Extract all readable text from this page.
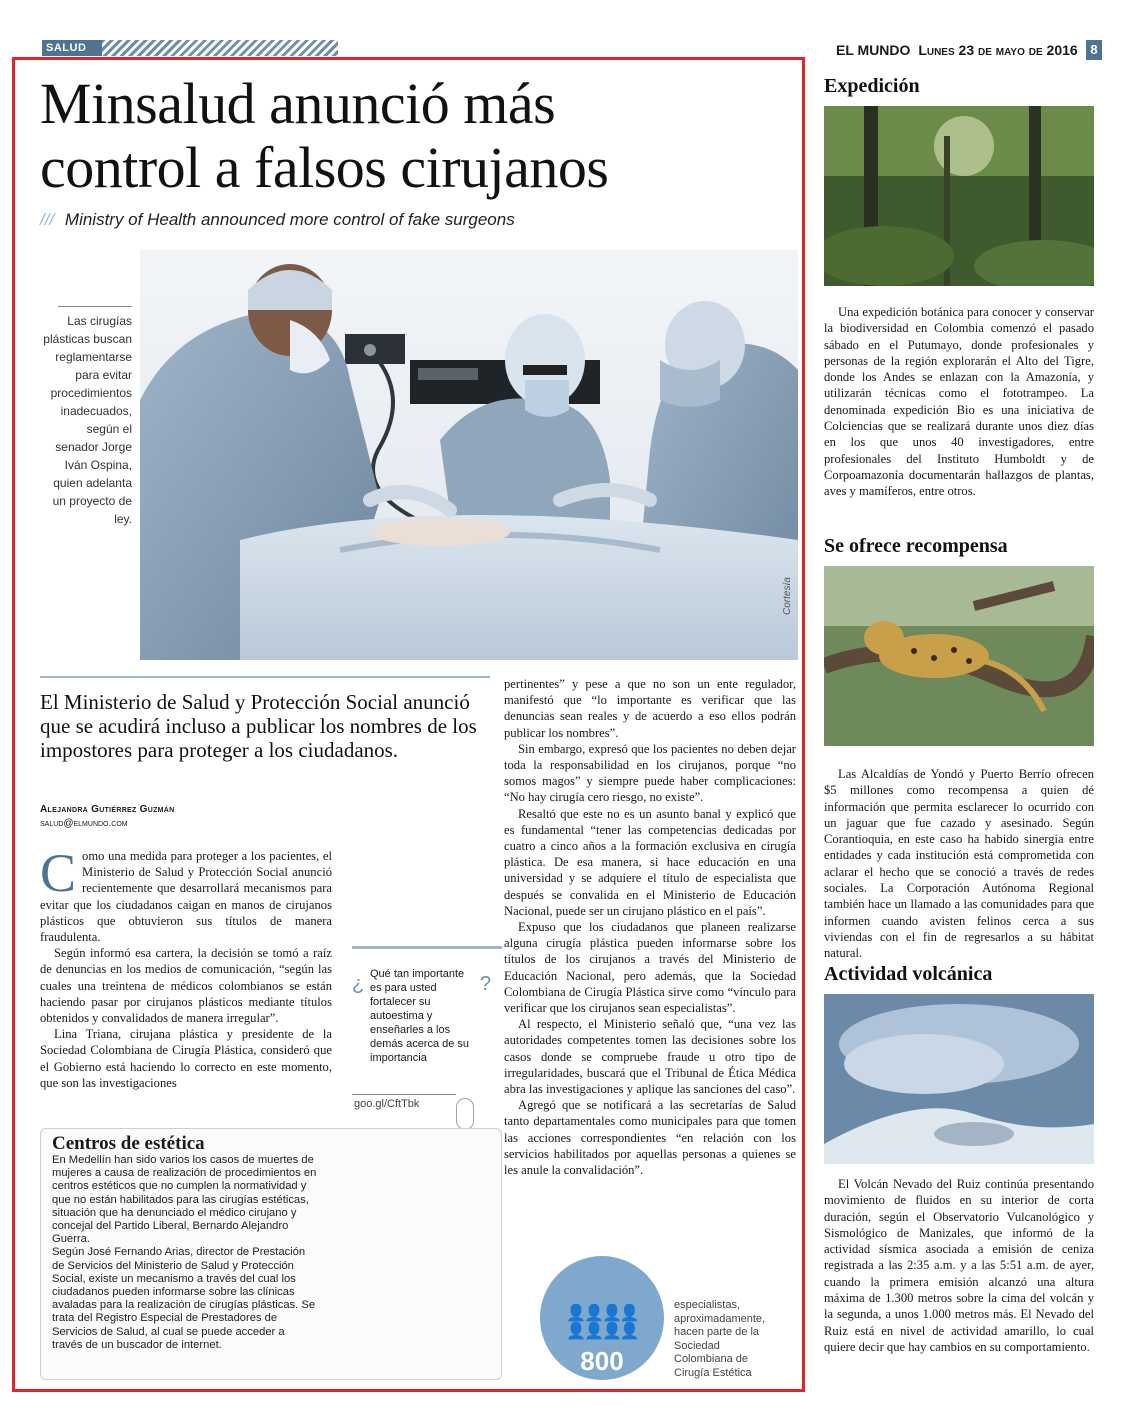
SALUD	EL MUNDO Lunes 23 de mayo de 2016 8
Minsalud anunció más
control a falsos cirujanos
/// Ministry of Health announced more control of fake surgeons
Las cirugías plásticas buscan reglamentarse para evitar procedimientos inadecuados, según el senador Jorge Iván Ospina, quien adelanta un proyecto de ley.
Cortesía
El Ministerio de Salud y Protección Social anunció que se acudirá incluso a publicar los nombres de los impostores para proteger a los ciudadanos.
Alejandra Gutiérrez Guzmán
salud@elmundo.com
C omo una medida para proteger a los pacientes, el Ministerio de Salud y Protección Social anunció recientemente que desarrollará mecanismos para evitar que los ciudadanos caigan en manos de cirujanos plásticos que obtuvieron sus títulos de manera fraudulenta.

Según informó esa cartera, la decisión se tomó a raíz de denuncias en los medios de comunicación, “según las cuales una treintena de médicos colombianos se están haciendo pasar por cirujanos plásticos mediante títulos obtenidos y convalidados de manera irregular”.

Lina Triana, cirujana plástica y presidente de la Sociedad Colombiana de Cirugía Plástica, consideró que el Gobierno está haciendo lo correcto en este momento, que son las investigaciones

¿	?
Qué tan importante es para usted fortalecer su autoestima y enseñarles a los demás acerca de su importancia
goo.gl/CftTbk

pertinentes” y pese a que no son un ente regulador, manifestó que “lo importante es verificar que las denuncias sean reales y de acuerdo a eso ellos podrán publicar los nombres”.

Sin embargo, expresó que los pacientes no deben dejar toda la responsabilidad en los cirujanos, porque “no somos magos” y siempre puede haber complicaciones: “No hay cirugía cero riesgo, no existe”.

Resaltó que este no es un asunto banal y explicó que es fundamental “tener las competencias dedicadas por cuatro a cinco años a la formación exclusiva en cirugía plástica. De esa manera, si hace educación en una universidad y se adquiere el título de especialista que después se convalida en el Ministerio de Educación Nacional, puede ser un cirujano plástico en el país”.

Expuso que los ciudadanos que planeen realizarse alguna cirugía plástica pueden informarse sobre los títulos de los cirujanos a través del Ministerio de Educación Nacional, pero además, que la Sociedad Colombiana de Cirugía Plástica sirve como “vínculo para verificar que los cirujanos sean especialistas”.

Al respecto, el Ministerio señaló que, “una vez las autoridades competentes tomen las decisiones sobre los casos donde se compruebe fraude u otro tipo de irregularidades, buscará que el Tribunal de Ética Médica abra las investigaciones y aplique las sanciones del caso”.

Agregó que se notificará a las secretarías de Salud tanto departamentales como municipales para que tomen las acciones correspondientes “en relación con los servicios habilitados por aquellas personas a quienes se les anule la convalidación”.

Centros de estética

En Medellín han sido varios los casos de muertes de mujeres a causa de realización de procedimientos en centros estéticos que no cumplen la normatividad y que no están habilitados para las cirugías estéticas, situación que ha denunciado el médico cirujano y concejal del Partido Liberal, Bernardo Alejandro Guerra.

Según José Fernando Arias, director de Prestación de Servicios del Ministerio de Salud y Protección Social, existe un mecanismo a través del cual los ciudadanos pueden informarse sobre las clínicas avaladas para la realización de cirugías plásticas. Se trata del Registro Especial de Prestadores de Servicios de Salud, al cual se puede acceder a través de un buscador de internet.

👤👤👤👤
👤👤👤👤
800
especialistas, aproximadamente, hacen parte de la Sociedad Colombiana de Cirugía Estética
Expedición

Una expedición botánica para conocer y conservar la biodiversidad en Colombia comenzó el pasado sábado en el Putumayo, donde profesionales y personas de la región explorarán el Alto del Tigre, donde los Andes se enlazan con la Amazonía, y utilizarán técnicas como el fototrampeo. La denominada expedición Bio es una iniciativa de Colciencias que se realizará durante unos diez días en los que unos 40 investigadores, entre profesionales del Instituto Humboldt y de Corpoamazonía documentarán hallazgos de plantas, aves y mamíferos, entre otros.

Se ofrece recompensa

Las Alcaldías de Yondó y Puerto Berrío ofrecen $5 millones como recompensa a quien dé información que permita esclarecer lo ocurrido con un jaguar que fue cazado y asesinado. Según Corantioquia, en este caso ha habido sinergia entre entidades y cada institución está comprometida con aclarar el hecho que se conoció a través de redes sociales. La Corporación Autónoma Regional también hace un llamado a las comunidades para que informen cuando avisten felinos cerca a sus viviendas con el fin de regresarlos a su hábitat natural.

Actividad volcánica

El Volcán Nevado del Ruiz continúa presentando movimiento de fluidos en su interior de corta duración, según el Observatorio Vulcanológico y Sismológico de Manizales, que informó de la actividad sísmica asociada a emisión de ceniza registrada a las 2:35 a.m. y a las 5:51 a.m. de ayer, cuando la primera emisión alcanzó una altura máxima de 1.300 metros sobre la cima del volcán y la segunda, a unos 1.000 metros más. El Nevado del Ruiz está en nivel de actividad amarillo, lo cual quiere decir que hay cambios en su comportamiento.
